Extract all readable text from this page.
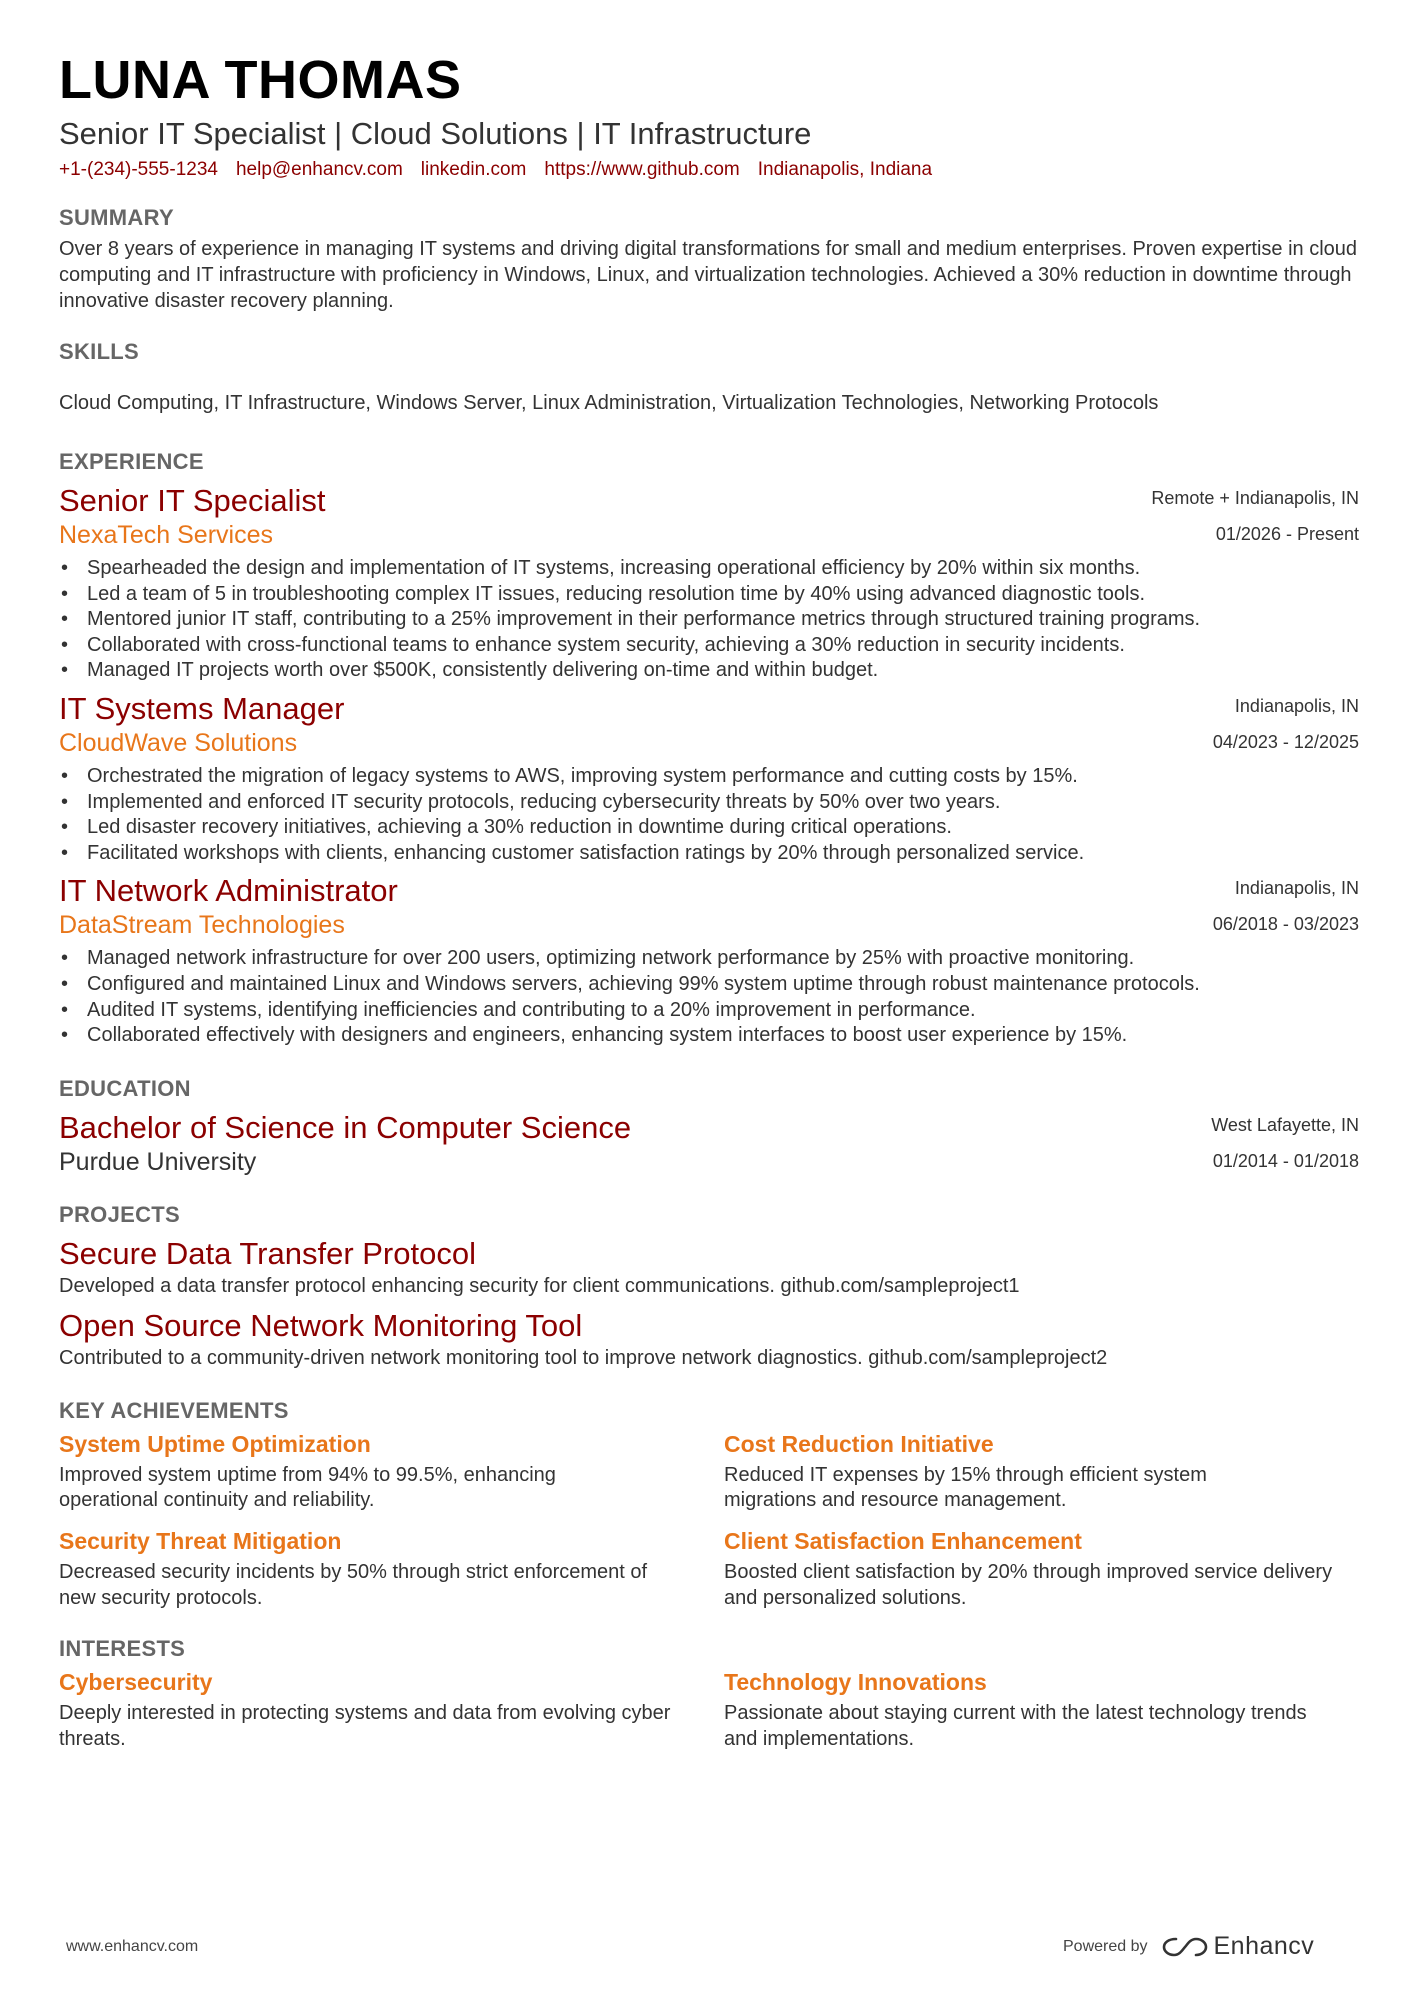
LUNA THOMAS
Senior IT Specialist | Cloud Solutions | IT Infrastructure
+1-(234)-555-1234 help@enhancv.com linkedin.com https://www.github.com Indianapolis, Indiana
SUMMARY

Over 8 years of experience in managing IT systems and driving digital transformations for small and medium enterprises. Proven expertise in cloud computing and IT infrastructure with proficiency in Windows, Linux, and virtualization technologies. Achieved a 30% reduction in downtime through innovative disaster recovery planning.

SKILLS

Cloud Computing, IT Infrastructure, Windows Server, Linux Administration, Virtualization Technologies, Networking Protocols

EXPERIENCE
Senior IT Specialist
NexaTech Services
Remote + Indianapolis, IN
01/2026 - Present
• Spearheaded the design and implementation of IT systems, increasing operational efficiency by 20% within six months.
• Led a team of 5 in troubleshooting complex IT issues, reducing resolution time by 40% using advanced diagnostic tools.
• Mentored junior IT staff, contributing to a 25% improvement in their performance metrics through structured training programs.
• Collaborated with cross-functional teams to enhance system security, achieving a 30% reduction in security incidents.
• Managed IT projects worth over $500K, consistently delivering on-time and within budget.
IT Systems Manager
CloudWave Solutions
Indianapolis, IN
04/2023 - 12/2025
• Orchestrated the migration of legacy systems to AWS, improving system performance and cutting costs by 15%.
• Implemented and enforced IT security protocols, reducing cybersecurity threats by 50% over two years.
• Led disaster recovery initiatives, achieving a 30% reduction in downtime during critical operations.
• Facilitated workshops with clients, enhancing customer satisfaction ratings by 20% through personalized service.
IT Network Administrator
DataStream Technologies
Indianapolis, IN
06/2018 - 03/2023
• Managed network infrastructure for over 200 users, optimizing network performance by 25% with proactive monitoring.
• Configured and maintained Linux and Windows servers, achieving 99% system uptime through robust maintenance protocols.
• Audited IT systems, identifying inefficiencies and contributing to a 20% improvement in performance.
• Collaborated effectively with designers and engineers, enhancing system interfaces to boost user experience by 15%.
EDUCATION
Bachelor of Science in Computer Science
Purdue University
West Lafayette, IN
01/2014 - 01/2018
PROJECTS
Secure Data Transfer Protocol
Developed a data transfer protocol enhancing security for client communications. github.com/sampleproject1
Open Source Network Monitoring Tool
Contributed to a community-driven network monitoring tool to improve network diagnostics. github.com/sampleproject2
KEY ACHIEVEMENTS
System Uptime Optimization
Improved system uptime from 94% to 99.5%, enhancing operational continuity and reliability.
Cost Reduction Initiative
Reduced IT expenses by 15% through efficient system migrations and resource management.
Security Threat Mitigation
Decreased security incidents by 50% through strict enforcement of new security protocols.
Client Satisfaction Enhancement
Boosted client satisfaction by 20% through improved service delivery and personalized solutions.
INTERESTS
Cybersecurity
Deeply interested in protecting systems and data from evolving cyber threats.
Technology Innovations
Passionate about staying current with the latest technology trends and implementations.
www.enhancv.com	Powered by	Enhancv
